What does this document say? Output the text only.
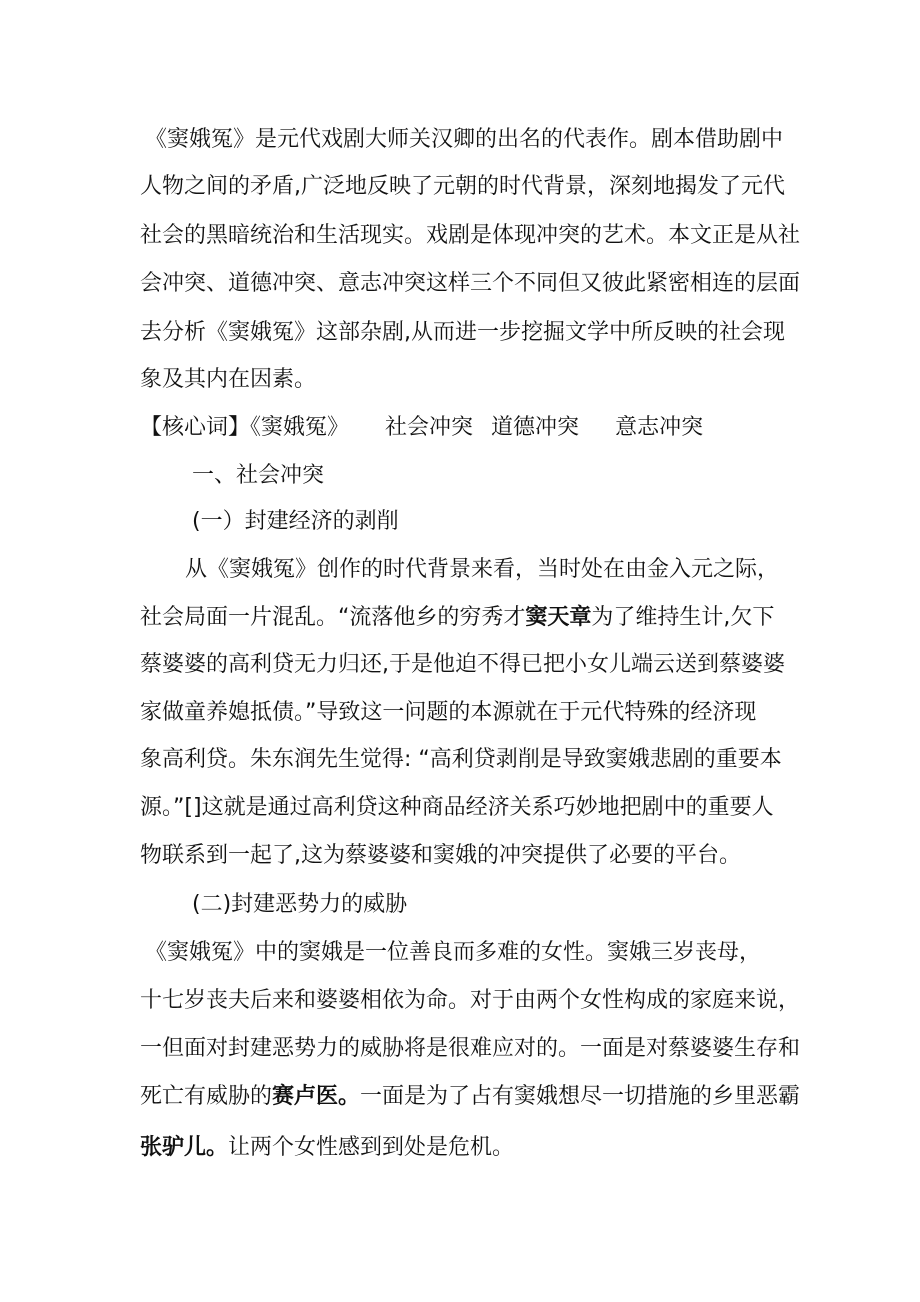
《窦娥冤》是元代戏剧大师关汉卿的出名的代表作。剧本借助剧中
人物之间的矛盾,广泛地反映了元朝的时代背景，深刻地揭发了元代
社会的黑暗统治和生活现实。戏剧是体现冲突的艺术。本文正是从社
会冲突、道德冲突、意志冲突这样三个不同但又彼此紧密相连的层面
去分析《窦娥冤》这部杂剧,从而进一步挖掘文学中所反映的社会现
象及其内在因素。
【核心词】《窦娥冤》 社会冲突 道德冲突 意志冲突
一、社会冲突
(一）封建经济的剥削
从《窦娥冤》创作的时代背景来看，当时处在由金入元之际，
社会局面一片混乱。“流落他乡的穷秀才窦天章为了维持生计,欠下
蔡婆婆的高利贷无力归还,于是他迫不得已把小女儿端云送到蔡婆婆
家做童养媳抵债。”导致这一问题的本源就在于元代特殊的经济现
象高利贷。朱东润先生觉得: “高利贷剥削是导致窦娥悲剧的重要本
源。”[]这就是通过高利贷这种商品经济关系巧妙地把剧中的重要人
物联系到一起了,这为蔡婆婆和窦娥的冲突提供了必要的平台。
(二)封建恶势力的威胁
《窦娥冤》中的窦娥是一位善良而多难的女性。窦娥三岁丧母，
十七岁丧夫后来和婆婆相依为命。对于由两个女性构成的家庭来说，
一但面对封建恶势力的威胁将是很难应对的。一面是对蔡婆婆生存和
死亡有威胁的赛卢医。一面是为了占有窦娥想尽一切措施的乡里恶霸
张驴儿。让两个女性感到到处是危机。
